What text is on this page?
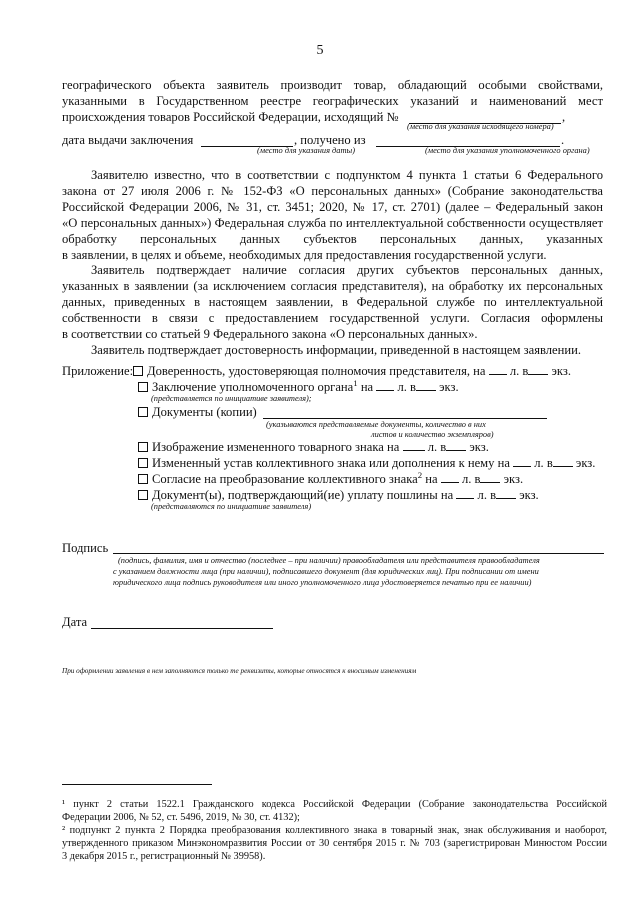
5
географического объекта заявитель производит товар, обладающий особыми свойствами,
указанными в Государственном реестре географических указаний и наименований мест
происхождения товаров Российской Федерации, исходящий №	,
(место для указания исходящего номера)
дата выдачи заключения	, получено из	.
(место для указания даты)	(место для указания уполномоченного органа)
Заявителю известно, что в соответствии с подпунктом 4 пункта 1 статьи 6 Федерального
закона от 27 июля 2006 г. № 152-ФЗ «О персональных данных» (Собрание законодательства
Российской Федерации 2006, № 31, ст. 3451; 2020, № 17, ст. 2701) (далее – Федеральный закон
«О персональных данных») Федеральная служба по интеллектуальной собственности осуществляет
обработку персональных данных субъектов персональных данных, указанных
в заявлении, в целях и объеме, необходимых для предоставления государственной услуги.
Заявитель подтверждает наличие согласия других субъектов персональных данных,
указанных в заявлении (за исключением согласия представителя), на обработку их персональных
данных, приведенных в настоящем заявлении, в Федеральной службе по интеллектуальной
собственности в связи с предоставлением государственной услуги. Согласия оформлены
в соответствии со статьей 9 Федерального закона «О персональных данных».
Заявитель подтверждает достоверность информации, приведенной в настоящем заявлении.
Приложение:	Доверенность, удостоверяющая полномочия представителя, на л. в экз.
Заключение уполномоченного органа$^1$ на л. в экз.
(представляется по инициативе заявителя);
Документы (копии)
(указываются представляемые документы, количество в них
листов и количество экземпляров)
Изображение измененного товарного знака на л. в экз.
Измененный устав коллективного знака или дополнения к нему на л. в экз.
Согласие на преобразование коллективного знака$^2$ на л. в экз.
Документ(ы), подтверждающий(ие) уплату пошлины на л. в экз.
(представляются по инициативе заявителя)
Подпись
(подпись, фамилия, имя и отчество (последнее – при наличии) правообладателя или представителя правообладателя
с указанием должности лица (при наличии), подписавшего документ (для юридических лиц). При подписании от имени
юридического лица подпись руководителя или иного уполномоченного лица удостоверяется печатью при ее наличии)
Дата
При оформлении заявления в нем заполняются только те реквизиты, которые относятся к вносимым изменениям
¹ пункт 2 статьи 1522.1 Гражданского кодекса Российской Федерации (Собрание законодательства Российской
Федерации 2006, № 52, ст. 5496, 2019, № 30, ст. 4132);
² подпункт 2 пункта 2 Порядка преобразования коллективного знака в товарный знак, знак обслуживания и наоборот,
утвержденного приказом Минэкономразвития России от 30 сентября 2015 г. № 703 (зарегистрирован Минюстом России
3 декабря 2015 г., регистрационный № 39958).
